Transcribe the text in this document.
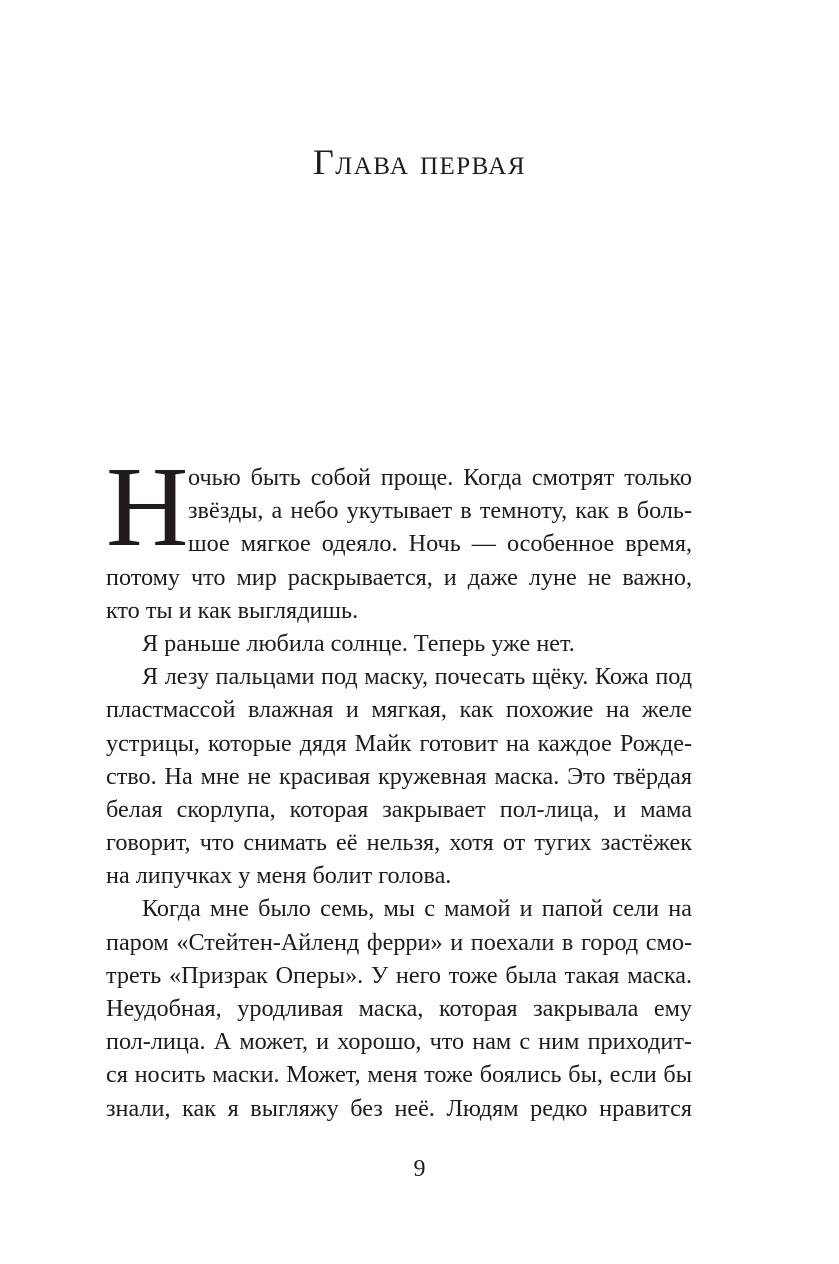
Глава первая
Н очью быть собой проще. Когда смотрят только
звёзды, а небо укутывает в темноту, как в боль-
шое мягкое одеяло. Ночь — особенное время,
потому что мир раскрывается, и даже луне не важно,
кто ты и как выглядишь.
Я раньше любила солнце. Теперь уже нет.
Я лезу пальцами под маску, почесать щёку. Кожа под
пластмассой влажная и мягкая, как похожие на желе
устрицы, которые дядя Майк готовит на каждое Рожде-
ство. На мне не красивая кружевная маска. Это твёрдая
белая скорлупа, которая закрывает пол-лица, и мама
говорит, что снимать её нельзя, хотя от тугих застёжек
на липучках у меня болит голова.
Когда мне было семь, мы с мамой и папой сели на
паром «Стейтен-Айленд ферри» и поехали в город смо-
треть «Призрак Оперы». У него тоже была такая маска.
Неудобная, уродливая маска, которая закрывала ему
пол-лица. А может, и хорошо, что нам с ним приходит-
ся носить маски. Может, меня тоже боялись бы, если бы
знали, как я выгляжу без неё. Людям редко нравится
9
